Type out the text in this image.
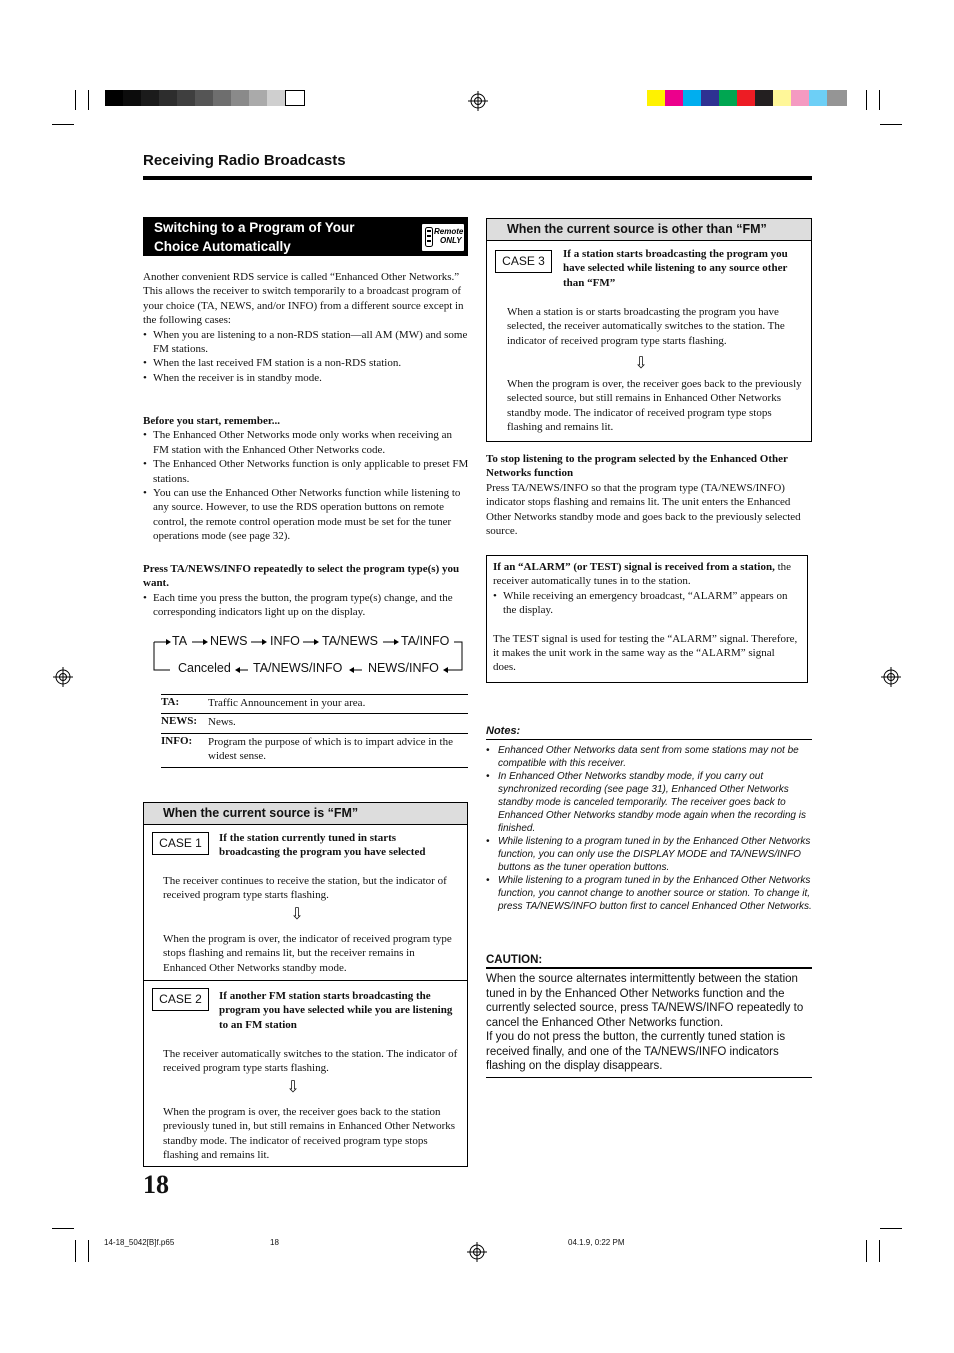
Receiving Radio Broadcasts
Switching to a Program of Your
Choice Automatically
Remote
ONLY

Another convenient RDS service is called “Enhanced Other Networks.”

This allows the receiver to switch temporarily to a broadcast program of your choice (TA, NEWS, and/or INFO) from a different source except in the following cases:

• When you are listening to a non-RDS station—all AM (MW) and some FM stations.
• When the last received FM station is a non-RDS station.
• When the receiver is in standby mode.

Before you start, remember...

• The Enhanced Other Networks mode only works when receiving an FM station with the Enhanced Other Networks code.
• The Enhanced Other Networks function is only applicable to preset FM stations.
• You can use the Enhanced Other Networks function while listening to any source. However, to use the RDS operation buttons on remote control, the remote control operation mode must be set for the tuner operations mode (see page 32).

Press TA/NEWS/INFO repeatedly to select the program type(s) you want.

• Each time you press the button, the program type(s) change, and the corresponding indicators light up on the display.
TA NEWS INFO TA/NEWS TA/INFO
Canceled TA/NEWS/INFO NEWS/INFO
TA:	Traffic Announcement in your area.
NEWS: News.
INFO: Program the purpose of which is to impart advice in the widest sense.
When the current source is “FM”
CASE 1	If the station currently tuned in starts broadcasting the program you have selected
The receiver continues to receive the station, but the indicator of received program type starts flashing.
⇩
When the program is over, the indicator of received program type stops flashing and remains lit, but the receiver remains in Enhanced Other Networks standby mode.
CASE 2	If another FM station starts broadcasting the program you have selected while you are listening to an FM station
The receiver automatically switches to the station. The indicator of received program type starts flashing.
⇩
When the program is over, the receiver goes back to the station previously tuned in, but still remains in Enhanced Other Networks standby mode. The indicator of received program type stops flashing and remains lit.
18
When the current source is other than “FM”
CASE 3	If a station starts broadcasting the program you have selected while listening to any source other than “FM”
When a station is or starts broadcasting the program you have selected, the receiver automatically switches to the station. The indicator of received program type starts flashing.
⇩
When the program is over, the receiver goes back to the previously selected source, but still remains in Enhanced Other Networks standby mode. The indicator of received program type stops flashing and remains lit.

To stop listening to the program selected by the Enhanced Other Networks function

Press TA/NEWS/INFO so that the program type (TA/NEWS/INFO) indicator stops flashing and remains lit. The unit enters the Enhanced Other Networks standby mode and goes back to the previously selected source.

If an “ALARM” (or TEST) signal is received from a station, the receiver automatically tunes in to the station.

• While receiving an emergency broadcast, “ALARM” appears on the display.

The TEST signal is used for testing the “ALARM” signal. Therefore, it makes the unit work in the same way as the “ALARM” signal does.

Notes:
• Enhanced Other Networks data sent from some stations may not be compatible with this receiver.
• In Enhanced Other Networks standby mode, if you carry out synchronized recording (see page 31), Enhanced Other Networks standby mode is canceled temporarily. The receiver goes back to Enhanced Other Networks standby mode again when the recording is finished.
• While listening to a program tuned in by the Enhanced Other Networks function, you can only use the DISPLAY MODE and TA/NEWS/INFO buttons as the tuner operation buttons.
• While listening to a program tuned in by the Enhanced Other Networks function, you cannot change to another source or station. To change it, press TA/NEWS/INFO button first to cancel Enhanced Other Networks.
CAUTION:

When the source alternates intermittently between the station tuned in by the Enhanced Other Networks function and the currently selected source, press TA/NEWS/INFO repeatedly to cancel the Enhanced Other Networks function.

If you do not press the button, the currently tuned station is received finally, and one of the TA/NEWS/INFO indicators flashing on the display disappears.

14-18_5042[B]f.p65	18	04.1.9, 0:22 PM
